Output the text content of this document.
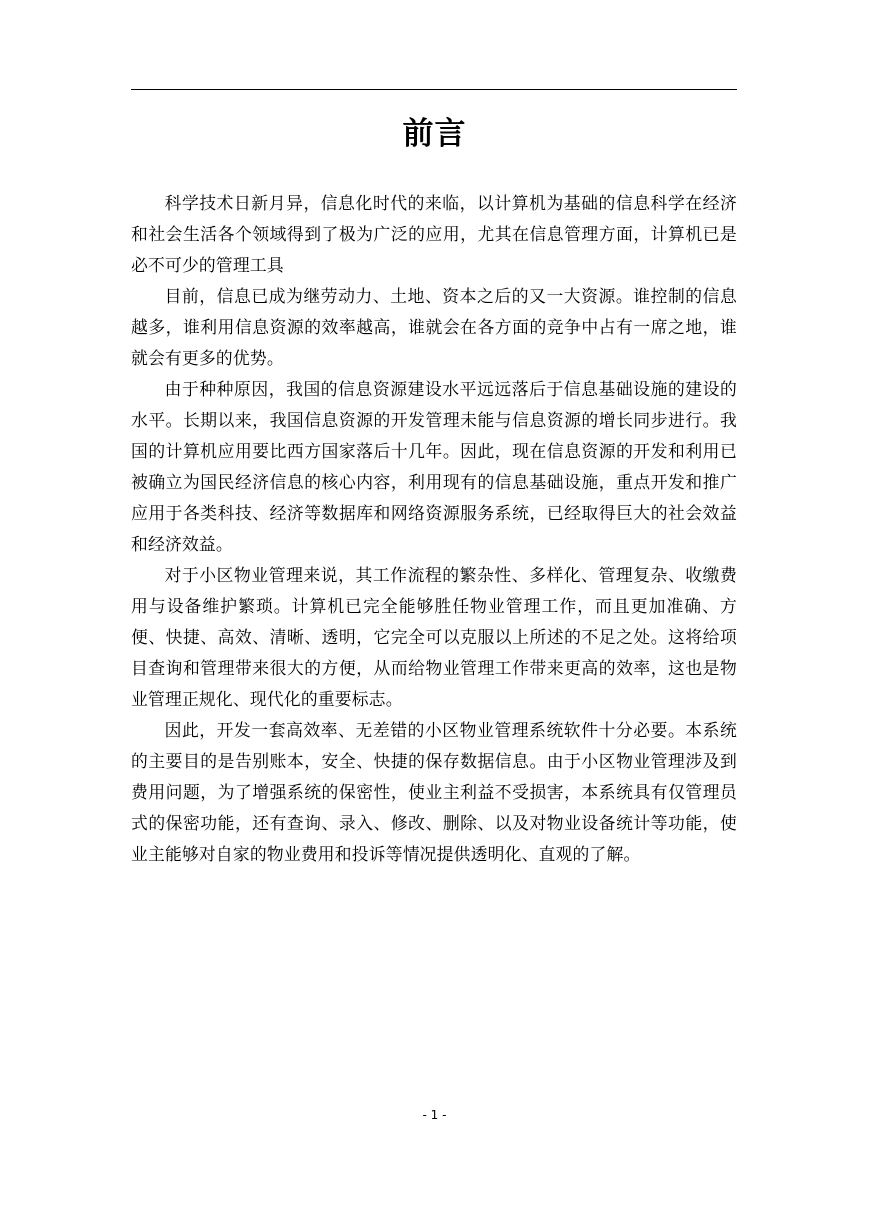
前言

科学技术日新月异，信息化时代的来临，以计算机为基础的信息科学在经济和社会生活各个领域得到了极为广泛的应用，尤其在信息管理方面，计算机已是必不可少的管理工具

目前，信息已成为继劳动力、土地、资本之后的又一大资源。谁控制的信息越多，谁利用信息资源的效率越高，谁就会在各方面的竞争中占有一席之地，谁就会有更多的优势。

由于种种原因，我国的信息资源建设水平远远落后于信息基础设施的建设的水平。长期以来，我国信息资源的开发管理未能与信息资源的增长同步进行。我国的计算机应用要比西方国家落后十几年。因此，现在信息资源的开发和利用已被确立为国民经济信息的核心内容，利用现有的信息基础设施，重点开发和推广应用于各类科技、经济等数据库和网络资源服务系统，已经取得巨大的社会效益和经济效益。

对于小区物业管理来说，其工作流程的繁杂性、多样化、管理复杂、收缴费用与设备维护繁琐。计算机已完全能够胜任物业管理工作，而且更加准确、方便、快捷、高效、清晰、透明，它完全可以克服以上所述的不足之处。这将给项目查询和管理带来很大的方便，从而给物业管理工作带来更高的效率，这也是物业管理正规化、现代化的重要标志。

因此，开发一套高效率、无差错的小区物业管理系统软件十分必要。本系统的主要目的是告别账本，安全、快捷的保存数据信息。由于小区物业管理涉及到费用问题，为了增强系统的保密性，使业主利益不受损害，本系统具有仅管理员式的保密功能，还有查询、录入、修改、删除、以及对物业设备统计等功能，使业主能够对自家的物业费用和投诉等情况提供透明化、直观的了解。

- 1 -
